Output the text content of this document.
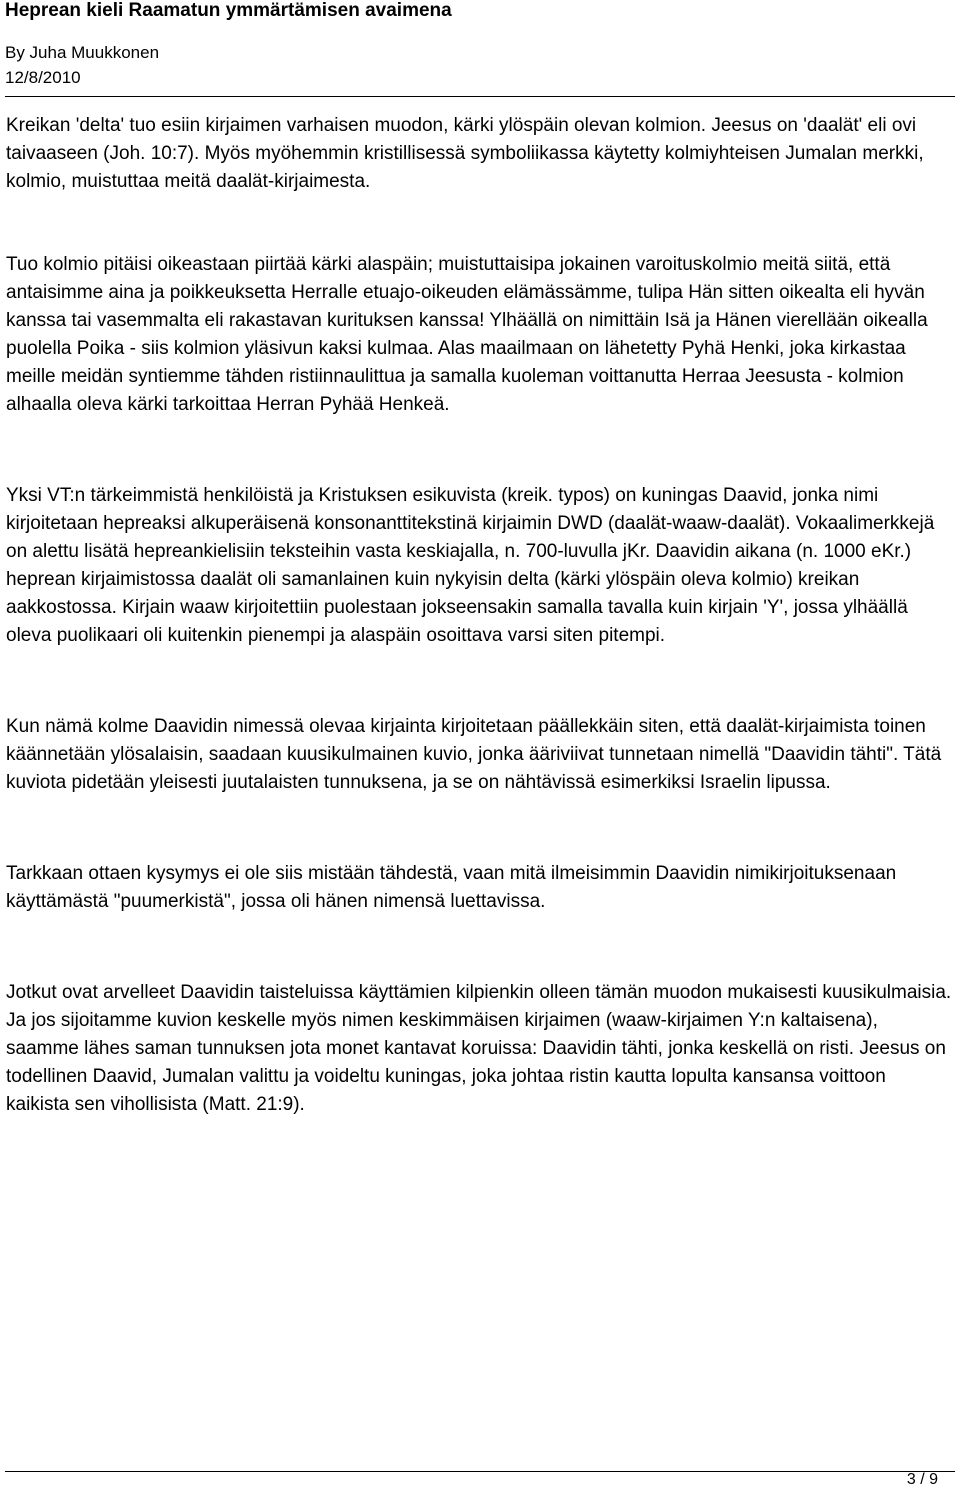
Heprean kieli Raamatun ymmärtämisen avaimena
By Juha Muukkonen
12/8/2010

Kreikan 'delta' tuo esiin kirjaimen varhaisen muodon, kärki ylöspäin olevan kolmion. Jeesus on 'daalät' eli ovi taivaaseen (Joh. 10:7). Myös myöhemmin kristillisessä symboliikassa käytetty kolmiyhteisen Jumalan merkki, kolmio, muistuttaa meitä daalät-kirjaimesta.

Tuo kolmio pitäisi oikeastaan piirtää kärki alaspäin; muistuttaisipa jokainen varoituskolmio meitä siitä, että antaisimme aina ja poikkeuksetta Herralle etuajo-oikeuden elämässämme, tulipa Hän sitten oikealta eli hyvän kanssa tai vasemmalta eli rakastavan kurituksen kanssa! Ylhäällä on nimittäin Isä ja Hänen vierellään oikealla puolella Poika - siis kolmion yläsivun kaksi kulmaa. Alas maailmaan on lähetetty Pyhä Henki, joka kirkastaa meille meidän syntiemme tähden ristiinnaulittua ja samalla kuoleman voittanutta Herraa Jeesusta - kolmion alhaalla oleva kärki tarkoittaa Herran Pyhää Henkeä.

Yksi VT:n tärkeimmistä henkilöistä ja Kristuksen esikuvista (kreik. typos) on kuningas Daavid, jonka nimi kirjoitetaan hepreaksi alkuperäisenä konsonanttitekstinä kirjaimin DWD (daalät-waaw-daalät). Vokaalimerkkejä on alettu lisätä hepreankielisiin teksteihin vasta keskiajalla, n. 700-luvulla jKr. Daavidin aikana (n. 1000 eKr.) heprean kirjaimistossa daalät oli samanlainen kuin nykyisin delta (kärki ylöspäin oleva kolmio) kreikan aakkostossa. Kirjain waaw kirjoitettiin puolestaan jokseensakin samalla tavalla kuin kirjain 'Y', jossa ylhäällä oleva puolikaari oli kuitenkin pienempi ja alaspäin osoittava varsi siten pitempi.

Kun nämä kolme Daavidin nimessä olevaa kirjainta kirjoitetaan päällekkäin siten, että daalät-kirjaimista toinen käännetään ylösalaisin, saadaan kuusikulmainen kuvio, jonka ääriviivat tunnetaan nimellä "Daavidin tähti". Tätä kuviota pidetään yleisesti juutalaisten tunnuksena, ja se on nähtävissä esimerkiksi Israelin lipussa.

Tarkkaan ottaen kysymys ei ole siis mistään tähdestä, vaan mitä ilmeisimmin Daavidin nimikirjoituksenaan käyttämästä "puumerkistä", jossa oli hänen nimensä luettavissa.

Jotkut ovat arvelleet Daavidin taisteluissa käyttämien kilpienkin olleen tämän muodon mukaisesti kuusikulmaisia. Ja jos sijoitamme kuvion keskelle myös nimen keskimmäisen kirjaimen (waaw-kirjaimen Y:n kaltaisena), saamme lähes saman tunnuksen jota monet kantavat koruissa: Daavidin tähti, jonka keskellä on risti. Jeesus on todellinen Daavid, Jumalan valittu ja voideltu kuningas, joka johtaa ristin kautta lopulta kansansa voittoon kaikista sen vihollisista (Matt. 21:9).

3 / 9
